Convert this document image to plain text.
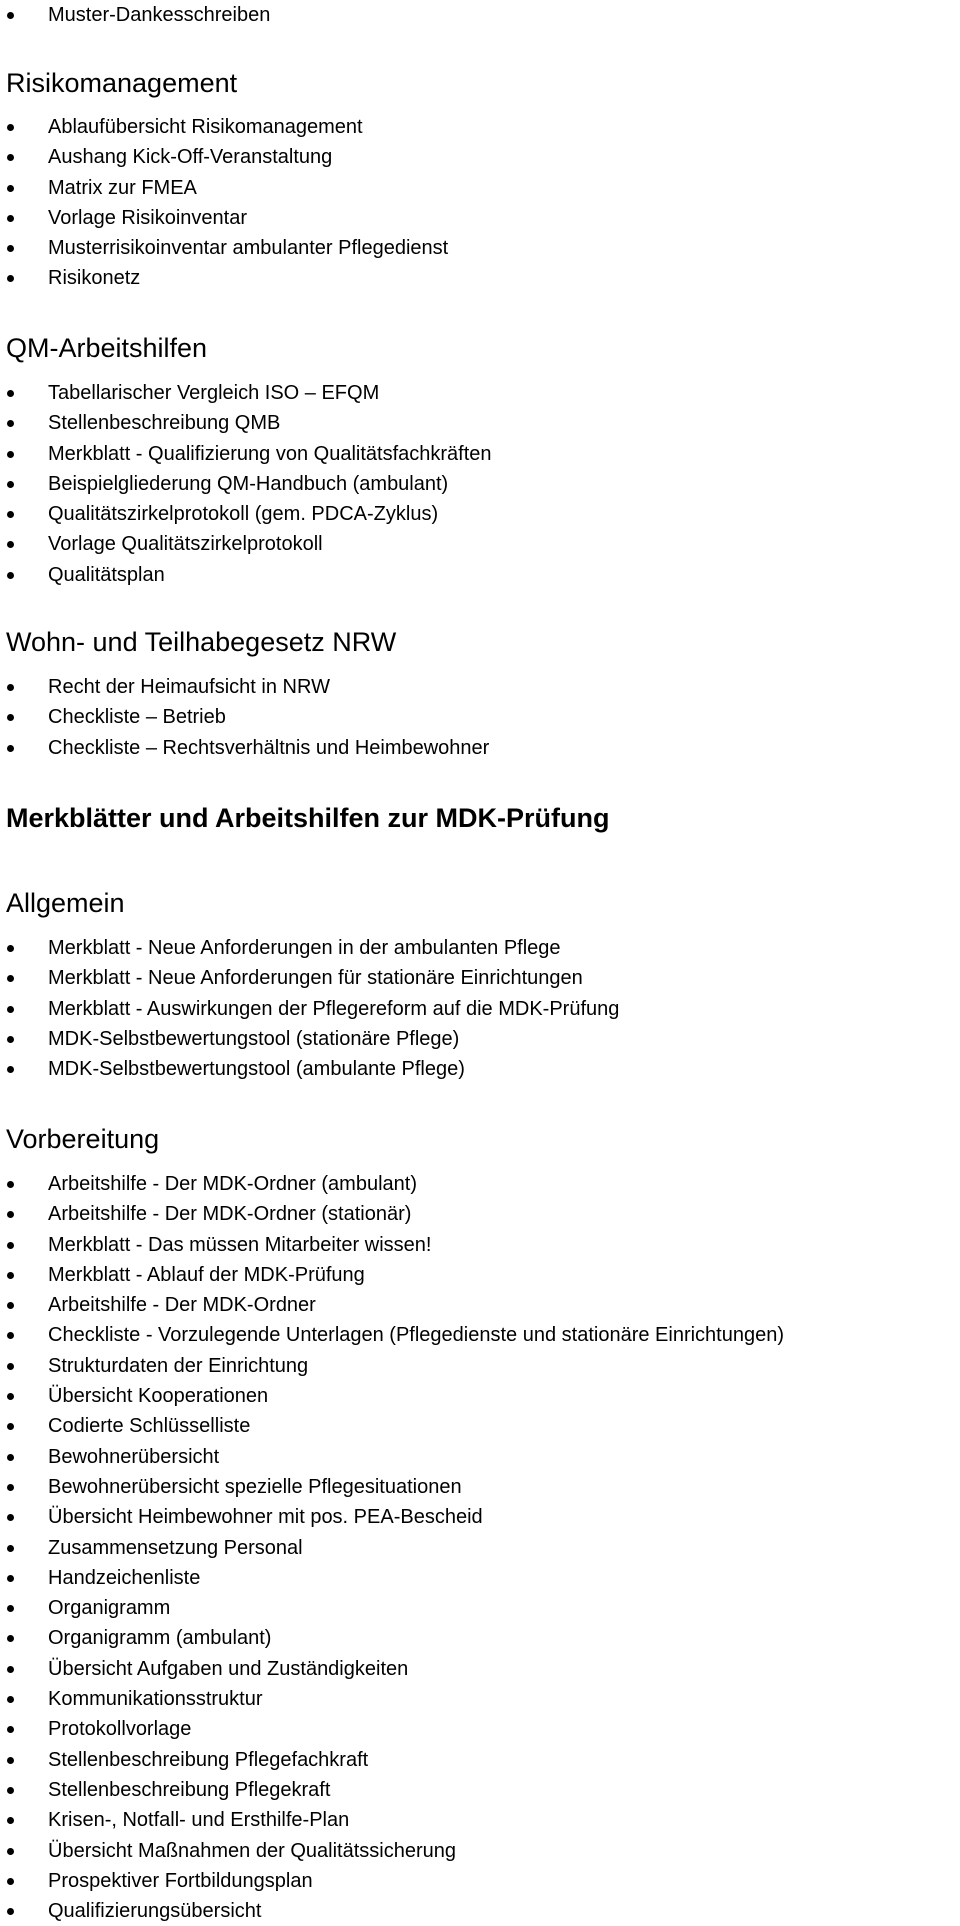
Muster-Dankesschreiben
Risikomanagement
Ablaufübersicht Risikomanagement
Aushang Kick-Off-Veranstaltung
Matrix zur FMEA
Vorlage Risikoinventar
Musterrisikoinventar ambulanter Pflegedienst
Risikonetz
QM-Arbeitshilfen
Tabellarischer Vergleich ISO – EFQM
Stellenbeschreibung QMB
Merkblatt - Qualifizierung von Qualitätsfachkräften
Beispielgliederung QM-Handbuch (ambulant)
Qualitätszirkelprotokoll (gem. PDCA-Zyklus)
Vorlage Qualitätszirkelprotokoll
Qualitätsplan
Wohn- und Teilhabegesetz NRW
Recht der Heimaufsicht in NRW
Checkliste – Betrieb
Checkliste – Rechtsverhältnis und Heimbewohner
Merkblätter und Arbeitshilfen zur MDK-Prüfung
Allgemein
Merkblatt - Neue Anforderungen in der ambulanten Pflege
Merkblatt - Neue Anforderungen für stationäre Einrichtungen
Merkblatt - Auswirkungen der Pflegereform auf die MDK-Prüfung
MDK-Selbstbewertungstool (stationäre Pflege)
MDK-Selbstbewertungstool (ambulante Pflege)
Vorbereitung
Arbeitshilfe - Der MDK-Ordner (ambulant)
Arbeitshilfe - Der MDK-Ordner (stationär)
Merkblatt - Das müssen Mitarbeiter wissen!
Merkblatt - Ablauf der MDK-Prüfung
Arbeitshilfe - Der MDK-Ordner
Checkliste - Vorzulegende Unterlagen (Pflegedienste und stationäre Einrichtungen)
Strukturdaten der Einrichtung
Übersicht Kooperationen
Codierte Schlüsselliste
Bewohnerübersicht
Bewohnerübersicht spezielle Pflegesituationen
Übersicht Heimbewohner mit pos. PEA-Bescheid
Zusammensetzung Personal
Handzeichenliste
Organigramm
Organigramm (ambulant)
Übersicht Aufgaben und Zuständigkeiten
Kommunikationsstruktur
Protokollvorlage
Stellenbeschreibung Pflegefachkraft
Stellenbeschreibung Pflegekraft
Krisen-, Notfall- und Ersthilfe-Plan
Übersicht Maßnahmen der Qualitätssicherung
Prospektiver Fortbildungsplan
Qualifizierungsübersicht
